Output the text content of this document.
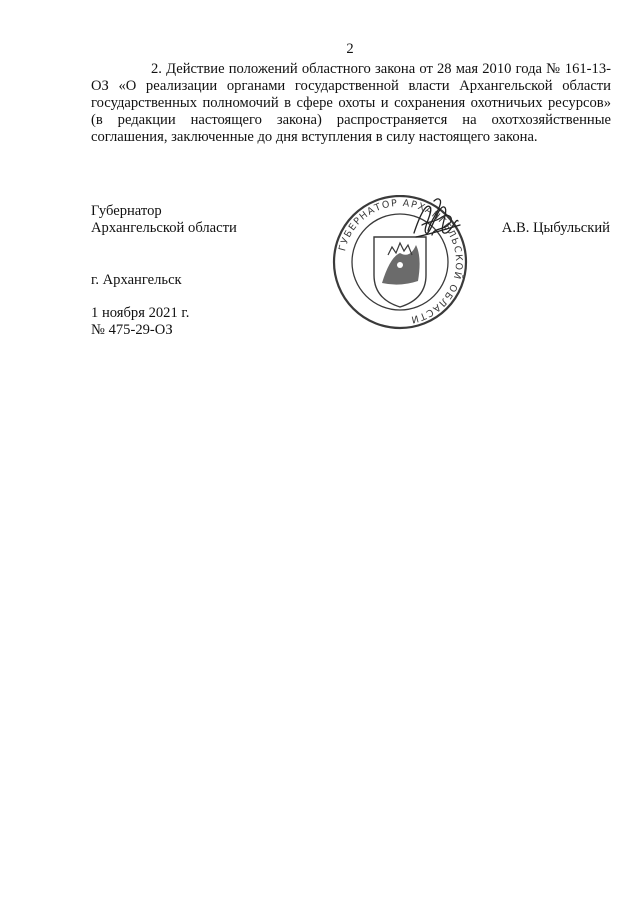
2

2. Действие положений областного закона от 28 мая 2010 года № 161-13-ОЗ «О реализации органами государственной власти Архангельской области государственных полномочий в сфере охоты и сохранения охотничьих ресурсов» (в редакции настоящего закона) распространяется на охотхозяйственные соглашения, заключенные до дня вступления в силу настоящего закона.

Губернатор
Архангельской области	А.В. Цыбульский
ГУБЕРНАТОР АРХАНГЕЛЬСКОЙ ОБЛАСТИ
г. Архангельск
1 ноября 2021 г.
№ 475-29-ОЗ
